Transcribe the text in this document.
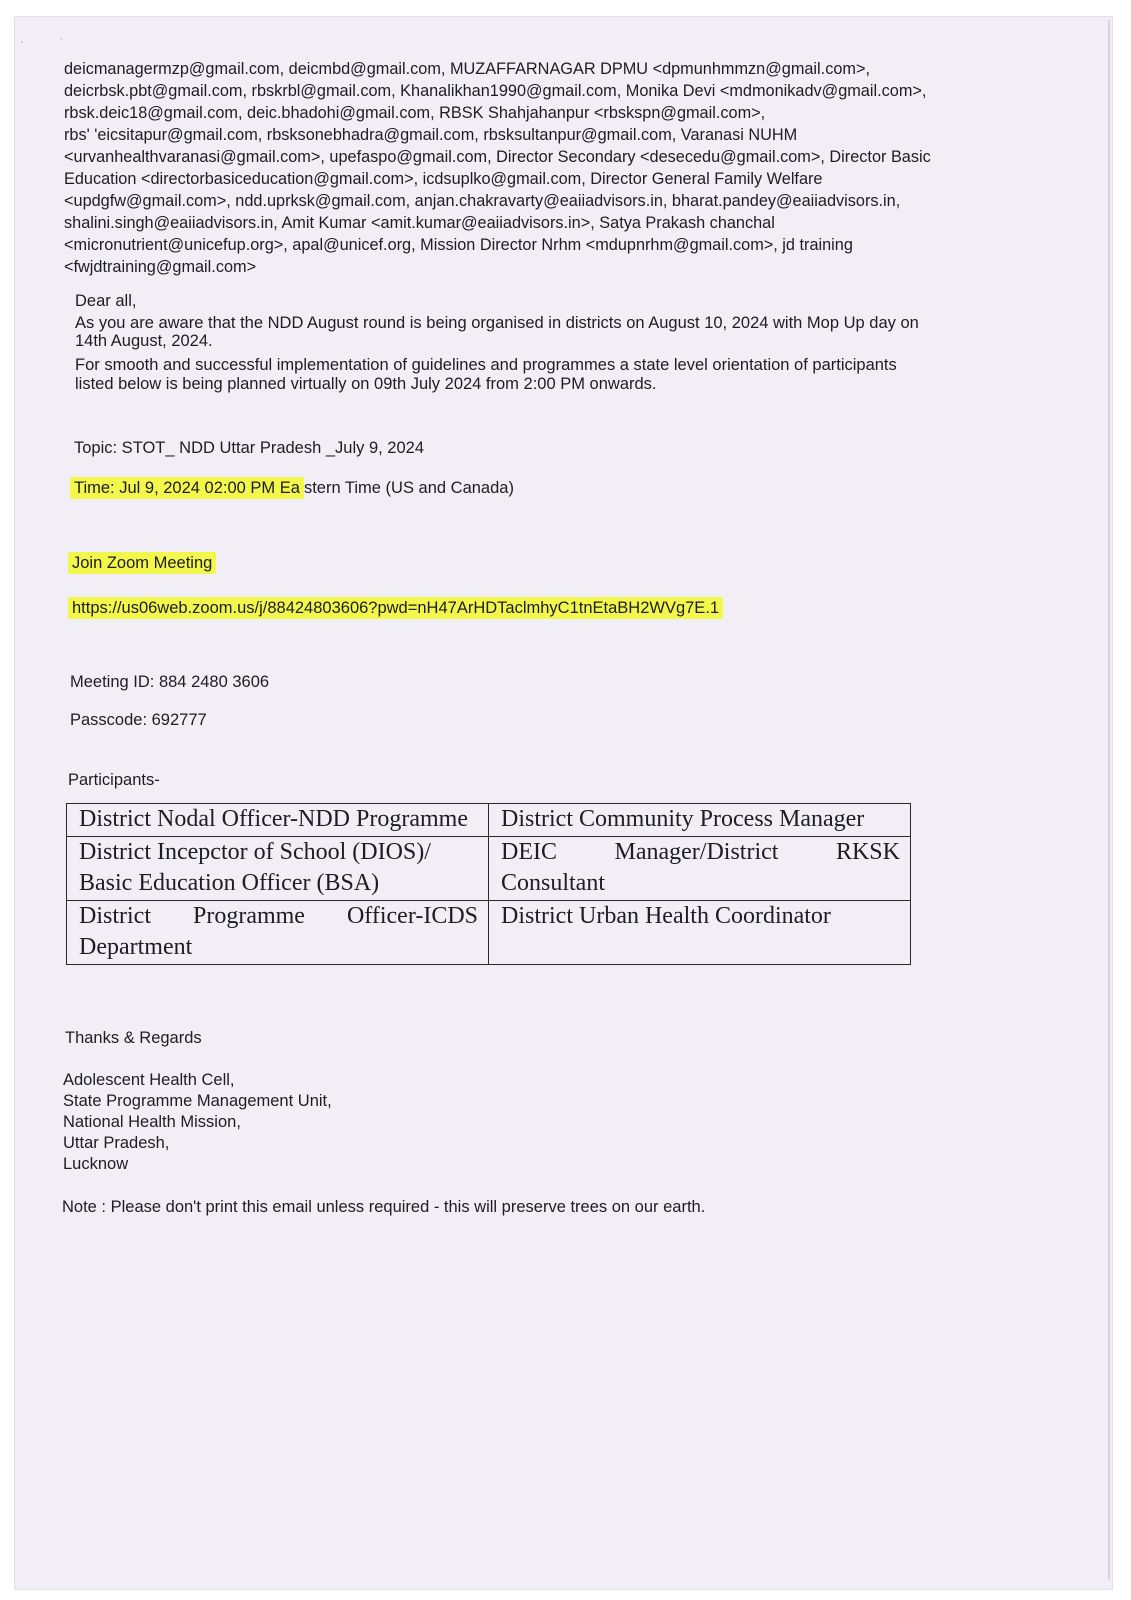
·	˙
deicmanagermzp@gmail.com, deicmbd@gmail.com, MUZAFFARNAGAR DPMU <dpmunhmmzn@gmail.com>,
deicrbsk.pbt@gmail.com, rbskrbl@gmail.com, Khanalikhan1990@gmail.com, Monika Devi <mdmonikadv@gmail.com>,
rbsk.deic18@gmail.com, deic.bhadohi@gmail.com, RBSK Shahjahanpur <rbskspn@gmail.com>,
rbs' 'eicsitapur@gmail.com, rbsksonebhadra@gmail.com, rbsksultanpur@gmail.com, Varanasi NUHM
<urvanhealthvaranasi@gmail.com>, upefaspo@gmail.com, Director Secondary <desecedu@gmail.com>, Director Basic
Education <directorbasiceducation@gmail.com>, icdsuplko@gmail.com, Director General Family Welfare
<updgfw@gmail.com>, ndd.uprksk@gmail.com, anjan.chakravarty@eaiiadvisors.in, bharat.pandey@eaiiadvisors.in,
shalini.singh@eaiiadvisors.in, Amit Kumar <amit.kumar@eaiiadvisors.in>, Satya Prakash chanchal
<micronutrient@unicefup.org>, apal@unicef.org, Mission Director Nrhm <mdupnrhm@gmail.com>, jd training
<fwjdtraining@gmail.com>
Dear all,
As you are aware that the NDD August round is being organised in districts on August 10, 2024 with Mop Up day on
14th August, 2024.
For smooth and successful implementation of guidelines and programmes a state level orientation of participants
listed below is being planned virtually on 09th July 2024 from 2:00 PM onwards.
Topic: STOT_ NDD Uttar Pradesh _July 9, 2024
Time: Jul 9, 2024 02:00 PM Ea stern Time (US and Canada)
Join Zoom Meeting
https://us06web.zoom.us/j/88424803606?pwd=nH47ArHDTaclmhyC1tnEtaBH2WVg7E.1
Meeting ID: 884 2480 3606
Passcode: 692777
Participants-
District Nodal Officer-NDD Programme	District Community Process Manager
District Incepctor of School (DIOS)/ Basic Education Officer (BSA)	DEIC Manager/District RKSK Consultant
District Programme Officer-ICDS Department	District Urban Health Coordinator
Thanks & Regards
Adolescent Health Cell,
State Programme Management Unit,
National Health Mission,
Uttar Pradesh,
Lucknow
Note : Please don't print this email unless required - this will preserve trees on our earth.
